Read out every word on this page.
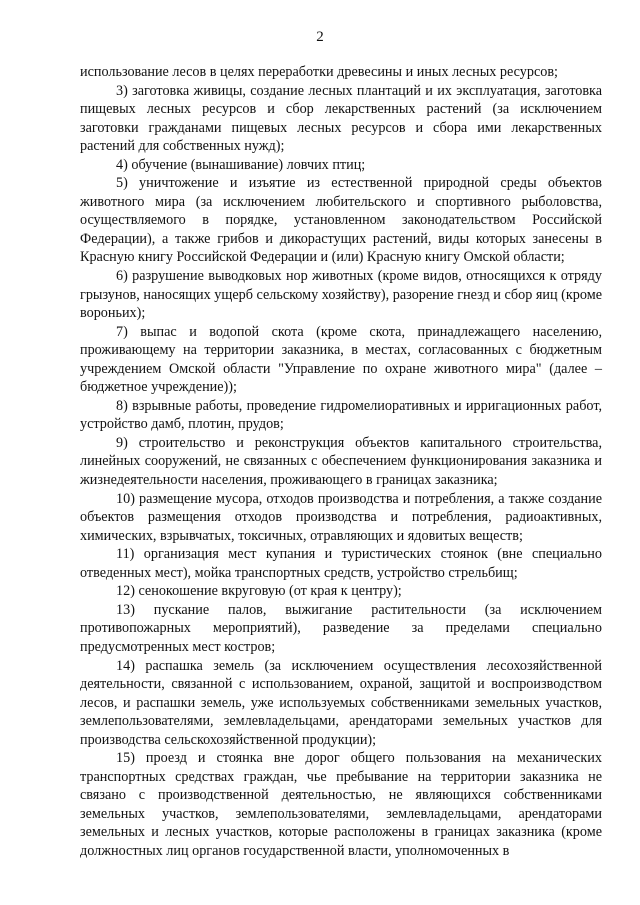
2

использование лесов в целях переработки древесины и иных лесных ресурсов;

3) заготовка живицы, создание лесных плантаций и их эксплуатация, заготовка пищевых лесных ресурсов и сбор лекарственных растений (за исключением заготовки гражданами пищевых лесных ресурсов и сбора ими лекарственных растений для собственных нужд);

4) обучение (вынашивание) ловчих птиц;

5) уничтожение и изъятие из естественной природной среды объектов животного мира (за исключением любительского и спортивного рыболовства, осуществляемого в порядке, установленном законодательством Российской Федерации), а также грибов и дикорастущих растений, виды которых занесены в Красную книгу Российской Федерации и (или) Красную книгу Омской области;

6) разрушение выводковых нор животных (кроме видов, относящихся к отряду грызунов, наносящих ущерб сельскому хозяйству), разорение гнезд и сбор яиц (кроме вороньих);

7) выпас и водопой скота (кроме скота, принадлежащего населению, проживающему на территории заказника, в местах, согласованных с бюджетным учреждением Омской области "Управление по охране животного мира" (далее – бюджетное учреждение));

8) взрывные работы, проведение гидромелиоративных и ирригационных работ, устройство дамб, плотин, прудов;

9) строительство и реконструкция объектов капитального строительства, линейных сооружений, не связанных с обеспечением функционирования заказника и жизнедеятельности населения, проживающего в границах заказника;

10) размещение мусора, отходов производства и потребления, а также создание объектов размещения отходов производства и потребления, радиоактивных, химических, взрывчатых, токсичных, отравляющих и ядовитых веществ;

11) организация мест купания и туристических стоянок (вне специально отведенных мест), мойка транспортных средств, устройство стрельбищ;

12) сенокошение вкруговую (от края к центру);

13) пускание палов, выжигание растительности (за исключением противопожарных мероприятий), разведение за пределами специально предусмотренных мест костров;

14) распашка земель (за исключением осуществления лесохозяйственной деятельности, связанной с использованием, охраной, защитой и воспроизводством лесов, и распашки земель, уже используемых собственниками земельных участков, землепользователями, землевладельцами, арендаторами земельных участков для производства сельскохозяйственной продукции);

15) проезд и стоянка вне дорог общего пользования на механических транспортных средствах граждан, чье пребывание на территории заказника не связано с производственной деятельностью, не являющихся собственниками земельных участков, землепользователями, землевладельцами, арендаторами земельных и лесных участков, которые расположены в границах заказника (кроме должностных лиц органов государственной власти, уполномоченных в
